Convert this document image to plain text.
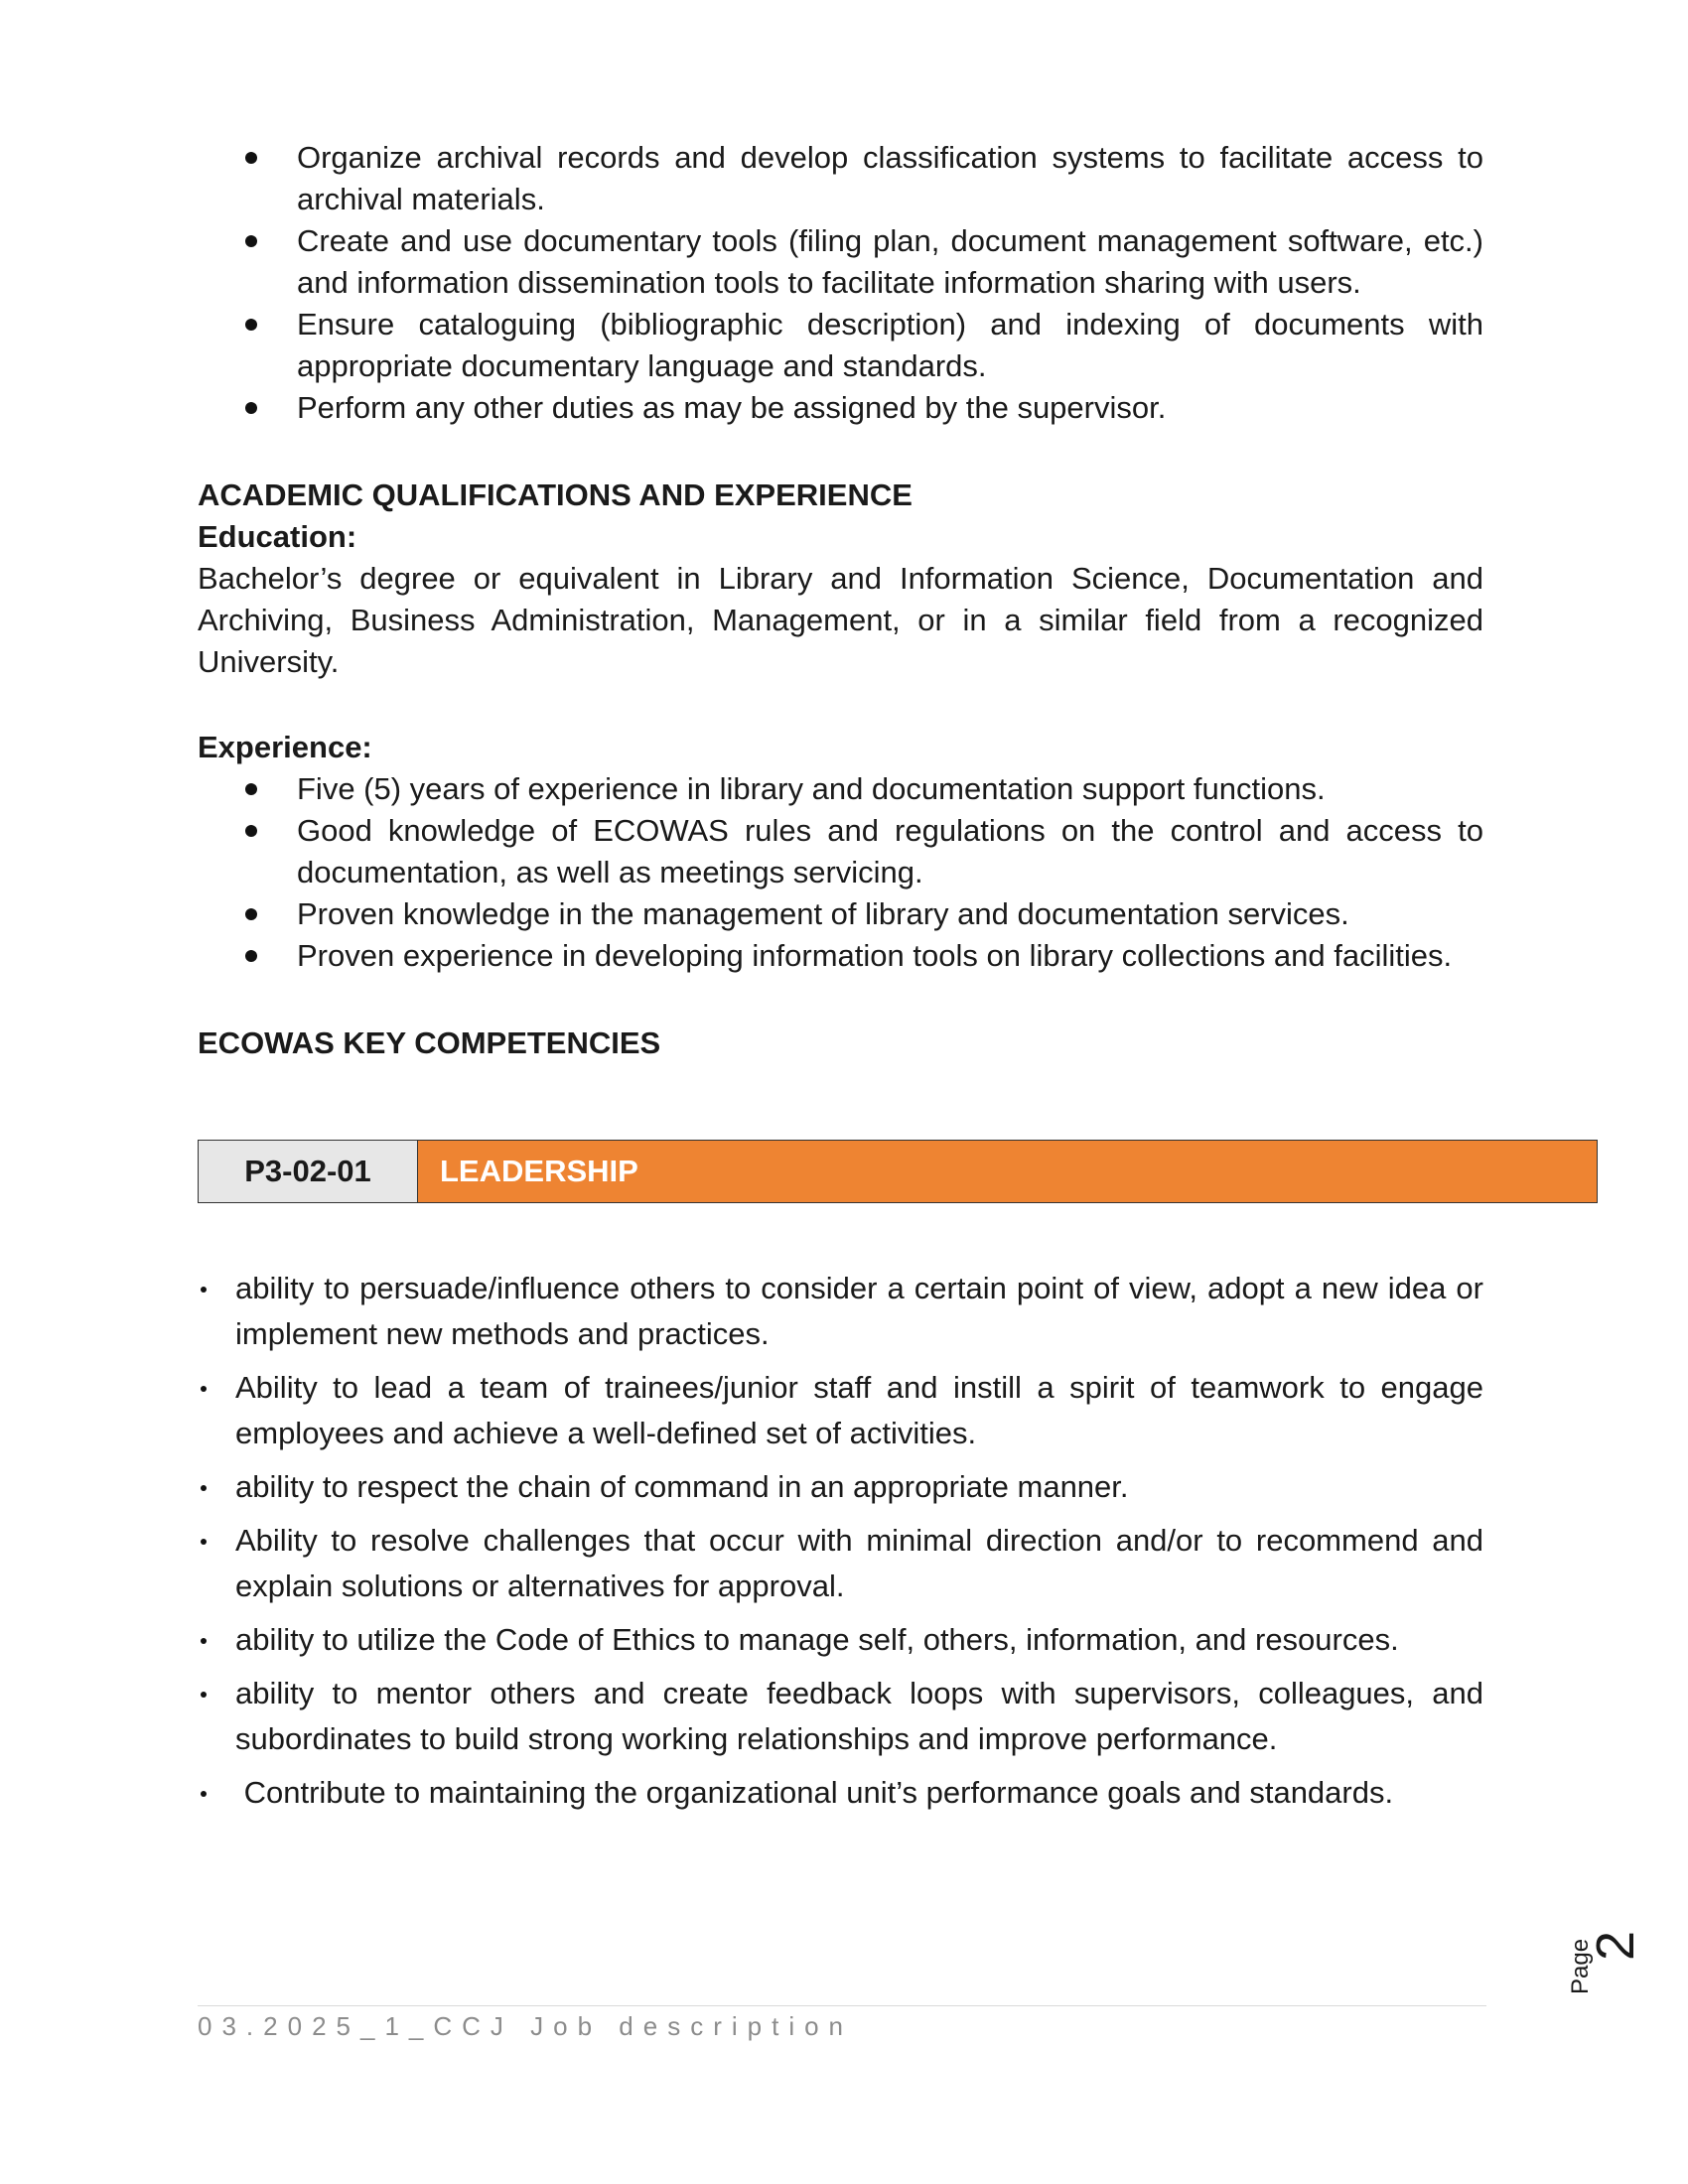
Organize archival records and develop classification systems to facilitate access to archival materials.
Create and use documentary tools (filing plan, document management software, etc.) and information dissemination tools to facilitate information sharing with users.
Ensure cataloguing (bibliographic description) and indexing of documents with appropriate documentary language and standards.
Perform any other duties as may be assigned by the supervisor.
ACADEMIC QUALIFICATIONS AND EXPERIENCE
Education:

Bachelor’s degree or equivalent in Library and Information Science, Documentation and Archiving, Business Administration, Management, or in a similar field from a recognized University.

Experience:
Five (5) years of experience in library and documentation support functions.
Good knowledge of ECOWAS rules and regulations on the control and access to documentation, as well as meetings servicing.
Proven knowledge in the management of library and documentation services.
Proven experience in developing information tools on library collections and facilities.
ECOWAS KEY COMPETENCIES
P3-02-01	LEADERSHIP
ability to persuade/influence others to consider a certain point of view, adopt a new idea or implement new methods and practices.
Ability to lead a team of trainees/junior staff and instill a spirit of teamwork to engage employees and achieve a well-defined set of activities.
ability to respect the chain of command in an appropriate manner.
Ability to resolve challenges that occur with minimal direction and/or to recommend and explain solutions or alternatives for approval.
ability to utilize the Code of Ethics to manage self, others, information, and resources.
ability to mentor others and create feedback loops with supervisors, colleagues, and subordinates to build strong working relationships and improve performance.
Contribute to maintaining the organizational unit’s performance goals and standards.
Page
2
03.2025_1_CCJ Job description
